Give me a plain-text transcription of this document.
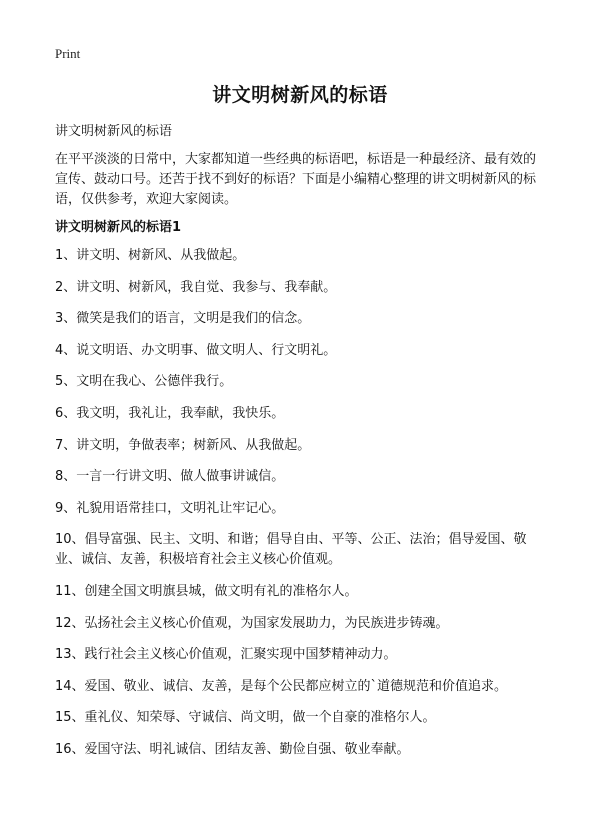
Print
讲文明树新风的标语

讲文明树新风的标语

在平平淡淡的日常中，大家都知道一些经典的标语吧，标语是一种最经济、最有效的宣传、鼓动口号。还苦于找不到好的标语？下面是小编精心整理的讲文明树新风的标语，仅供参考，欢迎大家阅读。

讲文明树新风的标语1
1、讲文明、树新风、从我做起。
2、讲文明、树新风，我自觉、我参与、我奉献。
3、微笑是我们的语言，文明是我们的信念。
4、说文明语、办文明事、做文明人、行文明礼。
5、文明在我心、公德伴我行。
6、我文明，我礼让，我奉献，我快乐。
7、讲文明，争做表率；树新风、从我做起。
8、一言一行讲文明、做人做事讲诚信。
9、礼貌用语常挂口，文明礼让牢记心。
10、倡导富强、民主、文明、和谐；倡导自由、平等、公正、法治；倡导爱国、敬业、诚信、友善，积极培育社会主义核心价值观。
11、创建全国文明旗县城，做文明有礼的准格尔人。
12、弘扬社会主义核心价值观，为国家发展助力，为民族进步铸魂。
13、践行社会主义核心价值观，汇聚实现中国梦精神动力。
14、爱国、敬业、诚信、友善，是每个公民都应树立的`道德规范和价值追求。
15、重礼仪、知荣辱、守诚信、尚文明，做一个自豪的准格尔人。
16、爱国守法、明礼诚信、团结友善、勤俭自强、敬业奉献。
